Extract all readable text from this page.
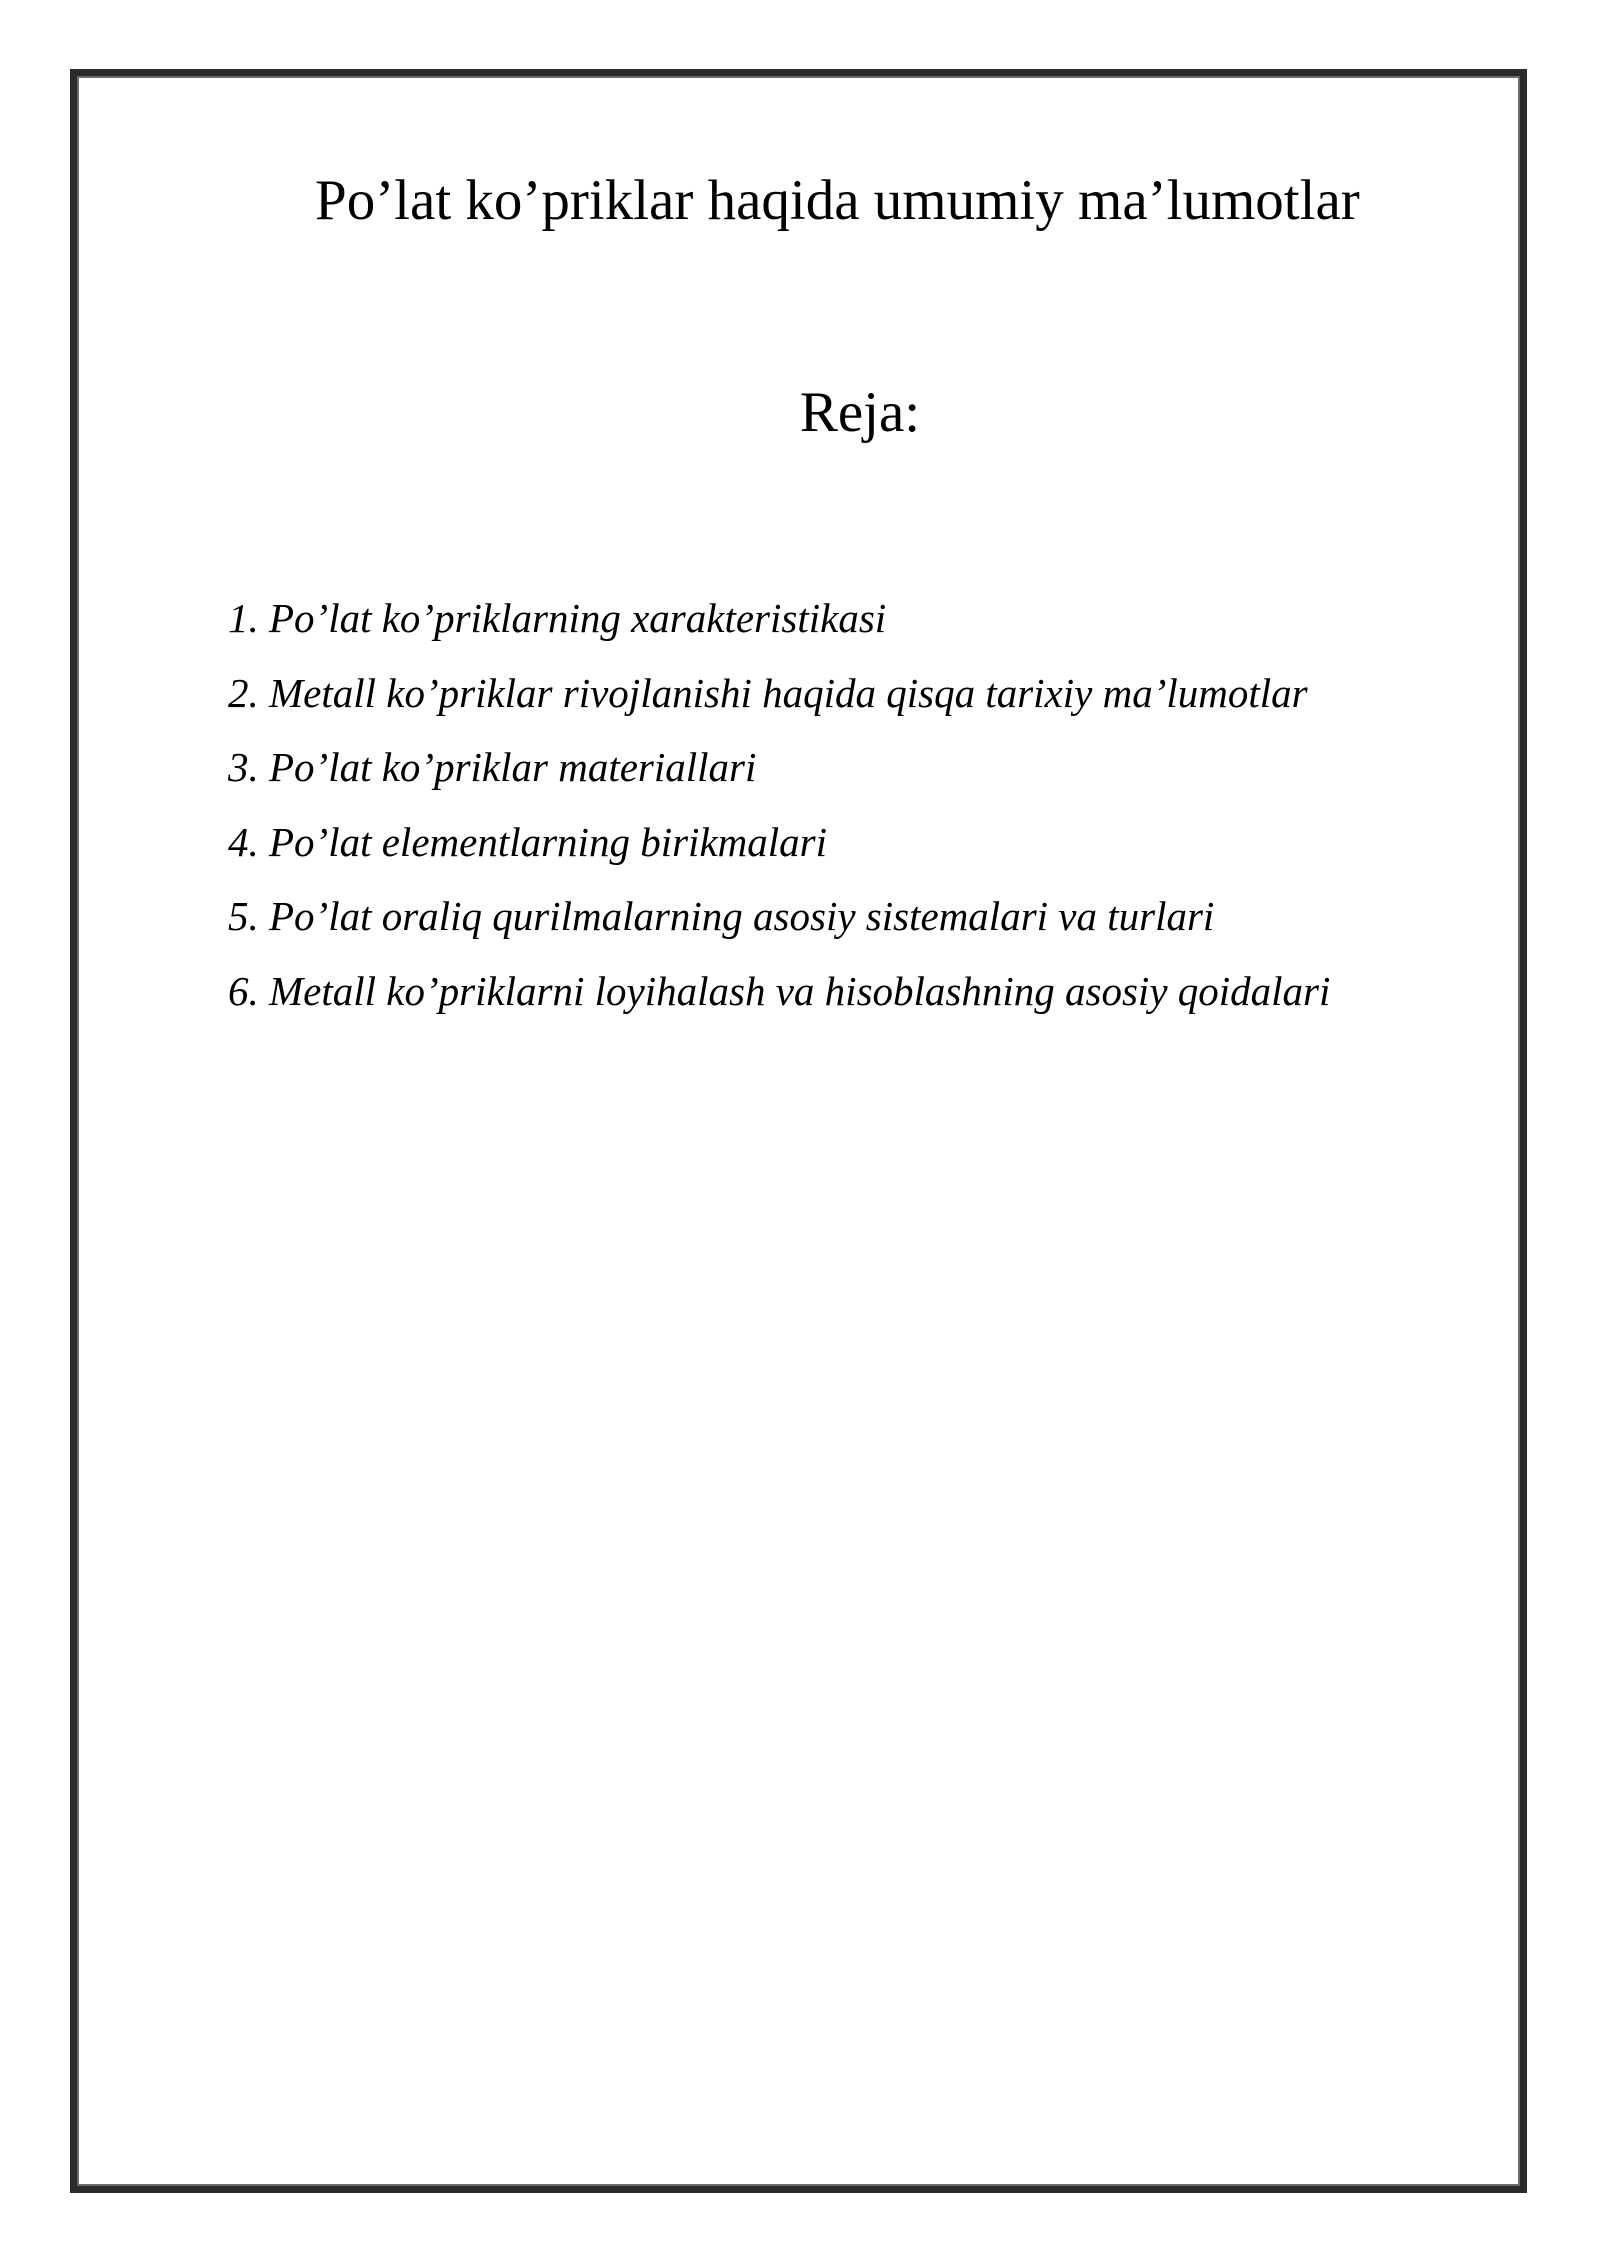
Po’lat ko’priklar haqida umumiy ma’lumotlar
Reja:
1. Po’lat ko’priklarning xarakteristikasi
2. Metall ko’priklar rivojlanishi haqida qisqa tarixiy ma’lumotlar
3. Po’lat ko’priklar materiallari
4. Po’lat elementlarning birikmalari
5. Po’lat oraliq qurilmalarning asosiy sistemalari va turlari
6. Metall ko’priklarni loyihalash va hisoblashning asosiy qoidalari
